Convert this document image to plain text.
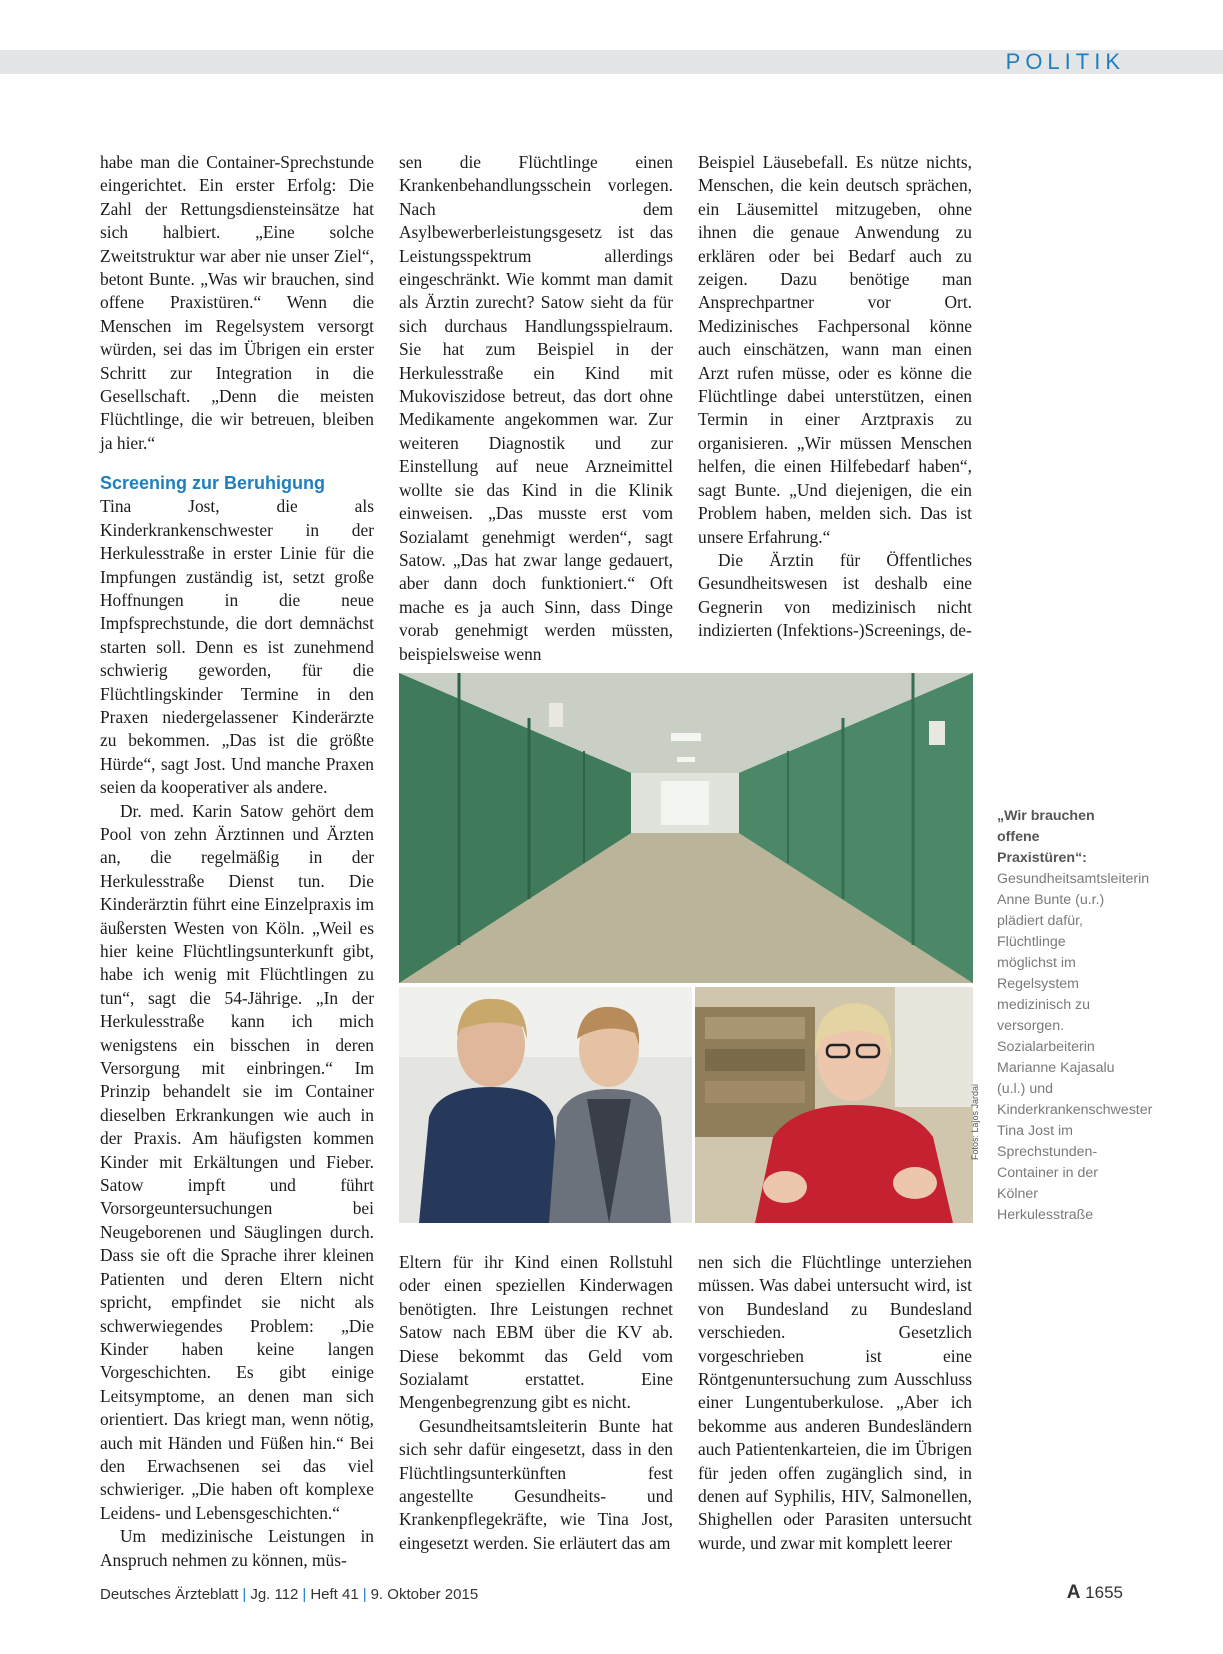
POLITIK

habe man die Container-Sprechstunde eingerichtet. Ein erster Erfolg: Die Zahl der Rettungsdiensteinsätze hat sich halbiert. „Eine solche Zweitstruktur war aber nie unser Ziel“, betont Bunte. „Was wir brauchen, sind offene Praxistüren.“ Wenn die Menschen im Regelsystem versorgt würden, sei das im Übrigen ein erster Schritt zur Integration in die Gesellschaft. „Denn die meisten Flüchtlinge, die wir betreuen, bleiben ja hier.“

Screening zur Beruhigung

Tina Jost, die als Kinderkrankenschwester in der Herkulesstraße in erster Linie für die Impfungen zuständig ist, setzt große Hoffnungen in die neue Impfsprechstunde, die dort demnächst starten soll. Denn es ist zunehmend schwierig geworden, für die Flüchtlingskinder Termine in den Praxen niedergelassener Kinderärzte zu bekommen. „Das ist die größte Hürde“, sagt Jost. Und manche Praxen seien da kooperativer als andere.

Dr. med. Karin Satow gehört dem Pool von zehn Ärztinnen und Ärzten an, die regelmäßig in der Herkulesstraße Dienst tun. Die Kinderärztin führt eine Einzelpraxis im äußersten Westen von Köln. „Weil es hier keine Flüchtlingsunterkunft gibt, habe ich wenig mit Flüchtlingen zu tun“, sagt die 54-Jährige. „In der Herkulesstraße kann ich mich wenigstens ein bisschen in deren Versorgung mit einbringen.“ Im Prinzip behandelt sie im Container dieselben Erkrankungen wie auch in der Praxis. Am häufigsten kommen Kinder mit Erkältungen und Fieber. Satow impft und führt Vorsorgeuntersuchungen bei Neugeborenen und Säuglingen durch. Dass sie oft die Sprache ihrer kleinen Patienten und deren Eltern nicht spricht, empfindet sie nicht als schwerwiegendes Problem: „Die Kinder haben keine langen Vorgeschichten. Es gibt einige Leitsymptome, an denen man sich orientiert. Das kriegt man, wenn nötig, auch mit Händen und Füßen hin.“ Bei den Erwachsenen sei das viel schwieriger. „Die haben oft komplexe Leidens- und Lebensgeschichten.“

Um medizinische Leistungen in Anspruch nehmen zu können, müs-

sen die Flüchtlinge einen Krankenbehandlungsschein vorlegen. Nach dem Asylbewerberleistungsgesetz ist das Leistungsspektrum allerdings eingeschränkt. Wie kommt man damit als Ärztin zurecht? Satow sieht da für sich durchaus Handlungsspielraum. Sie hat zum Beispiel in der Herkulesstraße ein Kind mit Mukoviszidose betreut, das dort ohne Medikamente angekommen war. Zur weiteren Diagnostik und zur Einstellung auf neue Arzneimittel wollte sie das Kind in die Klinik einweisen. „Das musste erst vom Sozialamt genehmigt werden“, sagt Satow. „Das hat zwar lange gedauert, aber dann doch funktioniert.“ Oft mache es ja auch Sinn, dass Dinge vorab genehmigt werden müssten, beispielsweise wenn

Beispiel Läusebefall. Es nütze nichts, Menschen, die kein deutsch sprächen, ein Läusemittel mitzugeben, ohne ihnen die genaue Anwendung zu erklären oder bei Bedarf auch zu zeigen. Dazu benötige man Ansprechpartner vor Ort. Medizinisches Fachpersonal könne auch einschätzen, wann man einen Arzt rufen müsse, oder es könne die Flüchtlinge dabei unterstützen, einen Termin in einer Arztpraxis zu organisieren. „Wir müssen Menschen helfen, die einen Hilfebedarf haben“, sagt Bunte. „Und diejenigen, die ein Problem haben, melden sich. Das ist unsere Erfahrung.“

Die Ärztin für Öffentliches Gesundheitswesen ist deshalb eine Gegnerin von medizinisch nicht indizierten (Infektions-)Screenings, de-

Fotos: Lajos Jardai

„Wir brauchen offene Praxistüren“: Gesundheitsamtsleiterin Anne Bunte (u.r.) plädiert dafür, Flüchtlinge möglichst im Regelsystem medizinisch zu versorgen. Sozialarbeiterin Marianne Kajasalu (u.l.) und Kinderkrankenschwester Tina Jost im Sprechstunden-Container in der Kölner Herkulesstraße

Eltern für ihr Kind einen Rollstuhl oder einen speziellen Kinderwagen benötigten. Ihre Leistungen rechnet Satow nach EBM über die KV ab. Diese bekommt das Geld vom Sozialamt erstattet. Eine Mengenbegrenzung gibt es nicht.

Gesundheitsamtsleiterin Bunte hat sich sehr dafür eingesetzt, dass in den Flüchtlingsunterkünften fest angestellte Gesundheits- und Krankenpflegekräfte, wie Tina Jost, eingesetzt werden. Sie erläutert das am

nen sich die Flüchtlinge unterziehen müssen. Was dabei untersucht wird, ist von Bundesland zu Bundesland verschieden. Gesetzlich vorgeschrieben ist eine Röntgenuntersuchung zum Ausschluss einer Lungentuberkulose. „Aber ich bekomme aus anderen Bundesländern auch Patientenkarteien, die im Übrigen für jeden offen zugänglich sind, in denen auf Syphilis, HIV, Salmonellen, Shighellen oder Parasiten untersucht wurde, und zwar mit komplett leerer

Deutsches Ärzteblatt | Jg. 112 | Heft 41 | 9. Oktober 2015	A 1655
